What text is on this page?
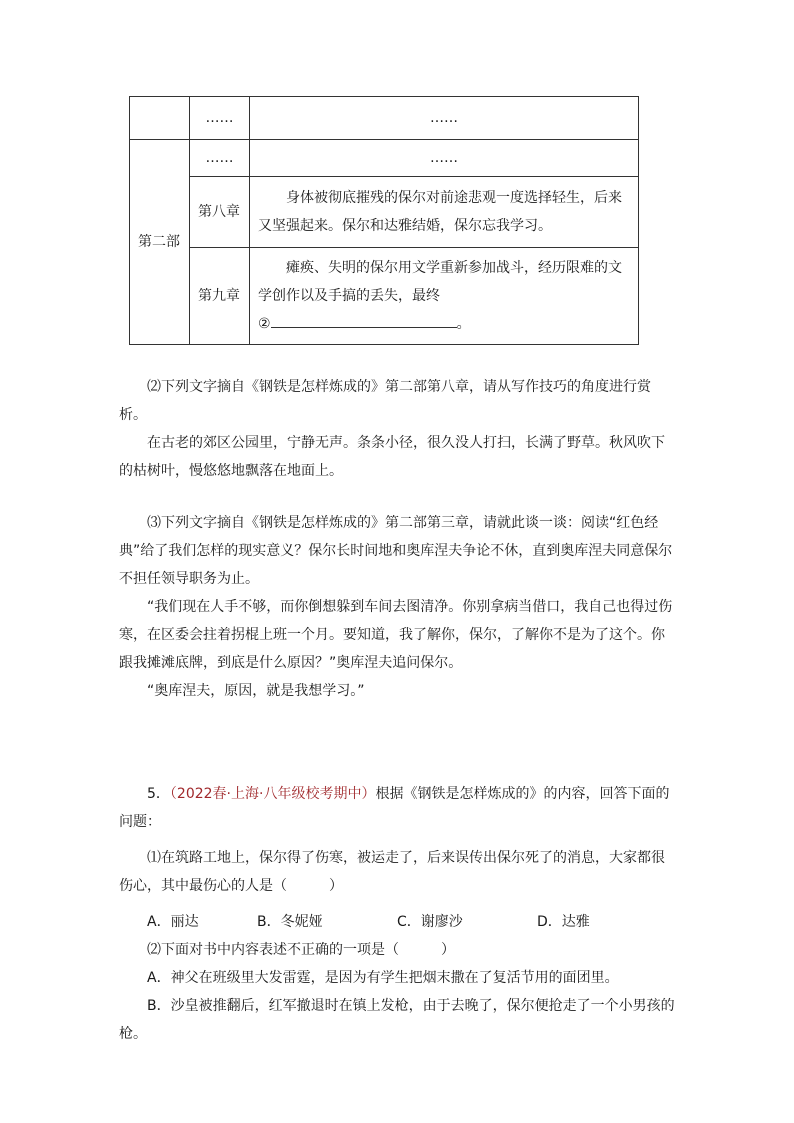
	……	……
第二部	……	……
	第八章	身体被彻底摧残的保尔对前途悲观一度选择轻生，后来又坚强起来。保尔和达雅结婚，保尔忘我学习。
	第九章	瘫痪、失明的保尔用文学重新参加战斗，经历限难的文学创作以及手搞的丢失，最终
② 。

⑵下列文字摘自《钢铁是怎样炼成的》第二部第八章，请从写作技巧的角度进行赏析。

在古老的郊区公园里，宁静无声。条条小径，很久没人打扫，长满了野草。秋风吹下的枯树叶，慢悠悠地飘落在地面上。

⑶下列文字摘自《钢铁是怎样炼成的》第二部第三章，请就此谈一谈：阅读“红色经典”给了我们怎样的现实意义？保尔长时间地和奥库涅夫争论不休，直到奥库涅夫同意保尔不担任领导职务为止。

“我们现在人手不够，而你倒想躲到车间去图清净。你别拿病当借口，我自己也得过伤寒，在区委会拄着拐棍上班一个月。要知道，我了解你，保尔，了解你不是为了这个。你跟我摊滩底牌，到底是什么原因？”奥库涅夫追问保尔。

“奥库涅夫，原因，就是我想学习。”

5．（2022春·上海·八年级校考期中）根据《钢铁是怎样炼成的》的内容，回答下面的问题：

⑴在筑路工地上，保尔得了伤寒，被运走了，后来误传出保尔死了的消息，大家都很伤心，其中最伤心的人是（　　　）

A．丽达	B．冬妮娅	C．谢廖沙	D．达雅

⑵下面对书中内容表述不正确的一项是（　　　）

A．神父在班级里大发雷霆，是因为有学生把烟末撒在了复活节用的面团里。

B．沙皇被推翻后，红军撤退时在镇上发枪，由于去晚了，保尔便抢走了一个小男孩的枪。
